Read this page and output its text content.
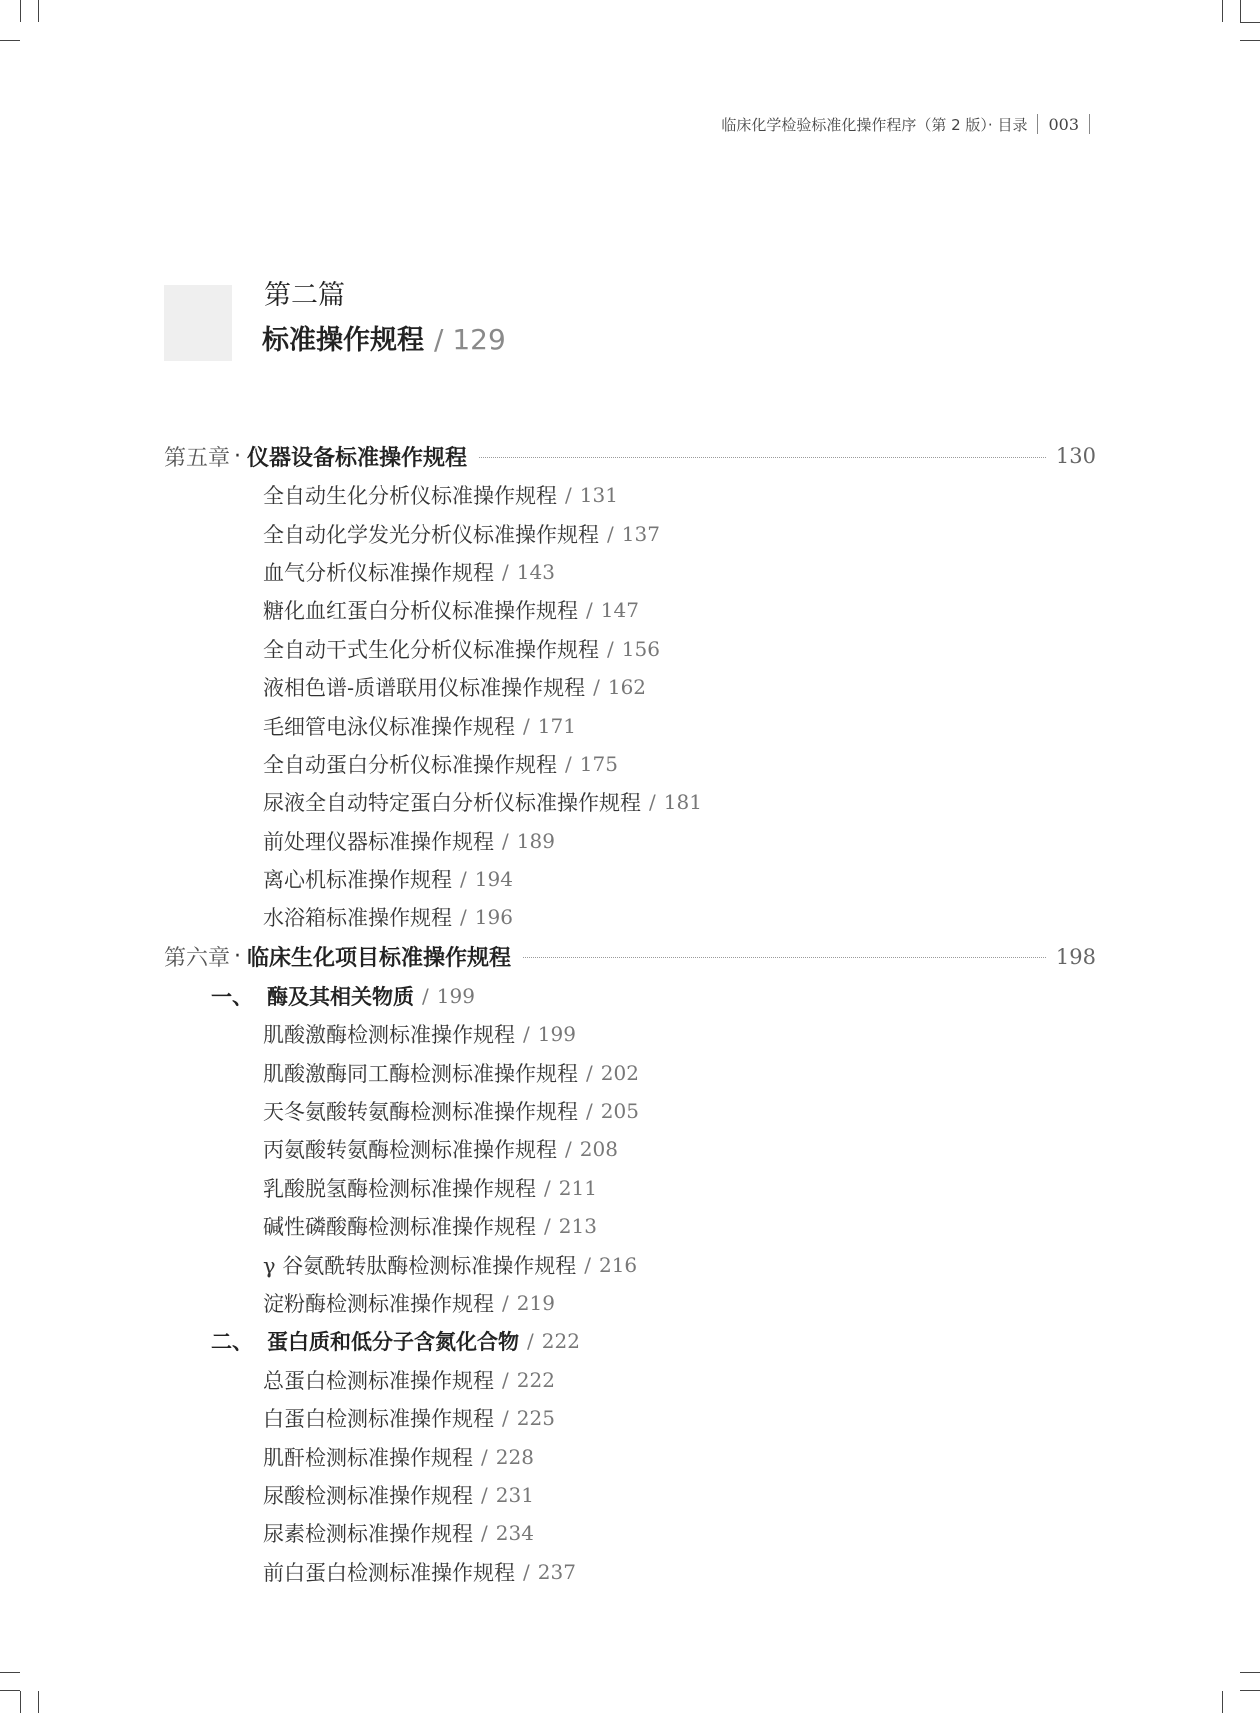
临床化学检验标准化操作程序（第 2 版）· 目录 003
第二篇
标准操作规程 / 129
第五章 · 仪器设备标准操作规程	130
全自动生化分析仪标准操作规程 / 131
全自动化学发光分析仪标准操作规程 / 137
血气分析仪标准操作规程 / 143
糖化血红蛋白分析仪标准操作规程 / 147
全自动干式生化分析仪标准操作规程 / 156
液相色谱-质谱联用仪标准操作规程 / 162
毛细管电泳仪标准操作规程 / 171
全自动蛋白分析仪标准操作规程 / 175
尿液全自动特定蛋白分析仪标准操作规程 / 181
前处理仪器标准操作规程 / 189
离心机标准操作规程 / 194
水浴箱标准操作规程 / 196
第六章 · 临床生化项目标准操作规程	198
一、 酶及其相关物质 / 199
肌酸激酶检测标准操作规程 / 199
肌酸激酶同工酶检测标准操作规程 / 202
天冬氨酸转氨酶检测标准操作规程 / 205
丙氨酸转氨酶检测标准操作规程 / 208
乳酸脱氢酶检测标准操作规程 / 211
碱性磷酸酶检测标准操作规程 / 213
γ 谷氨酰转肽酶检测标准操作规程 / 216
淀粉酶检测标准操作规程 / 219
二、 蛋白质和低分子含氮化合物 / 222
总蛋白检测标准操作规程 / 222
白蛋白检测标准操作规程 / 225
肌酐检测标准操作规程 / 228
尿酸检测标准操作规程 / 231
尿素检测标准操作规程 / 234
前白蛋白检测标准操作规程 / 237
